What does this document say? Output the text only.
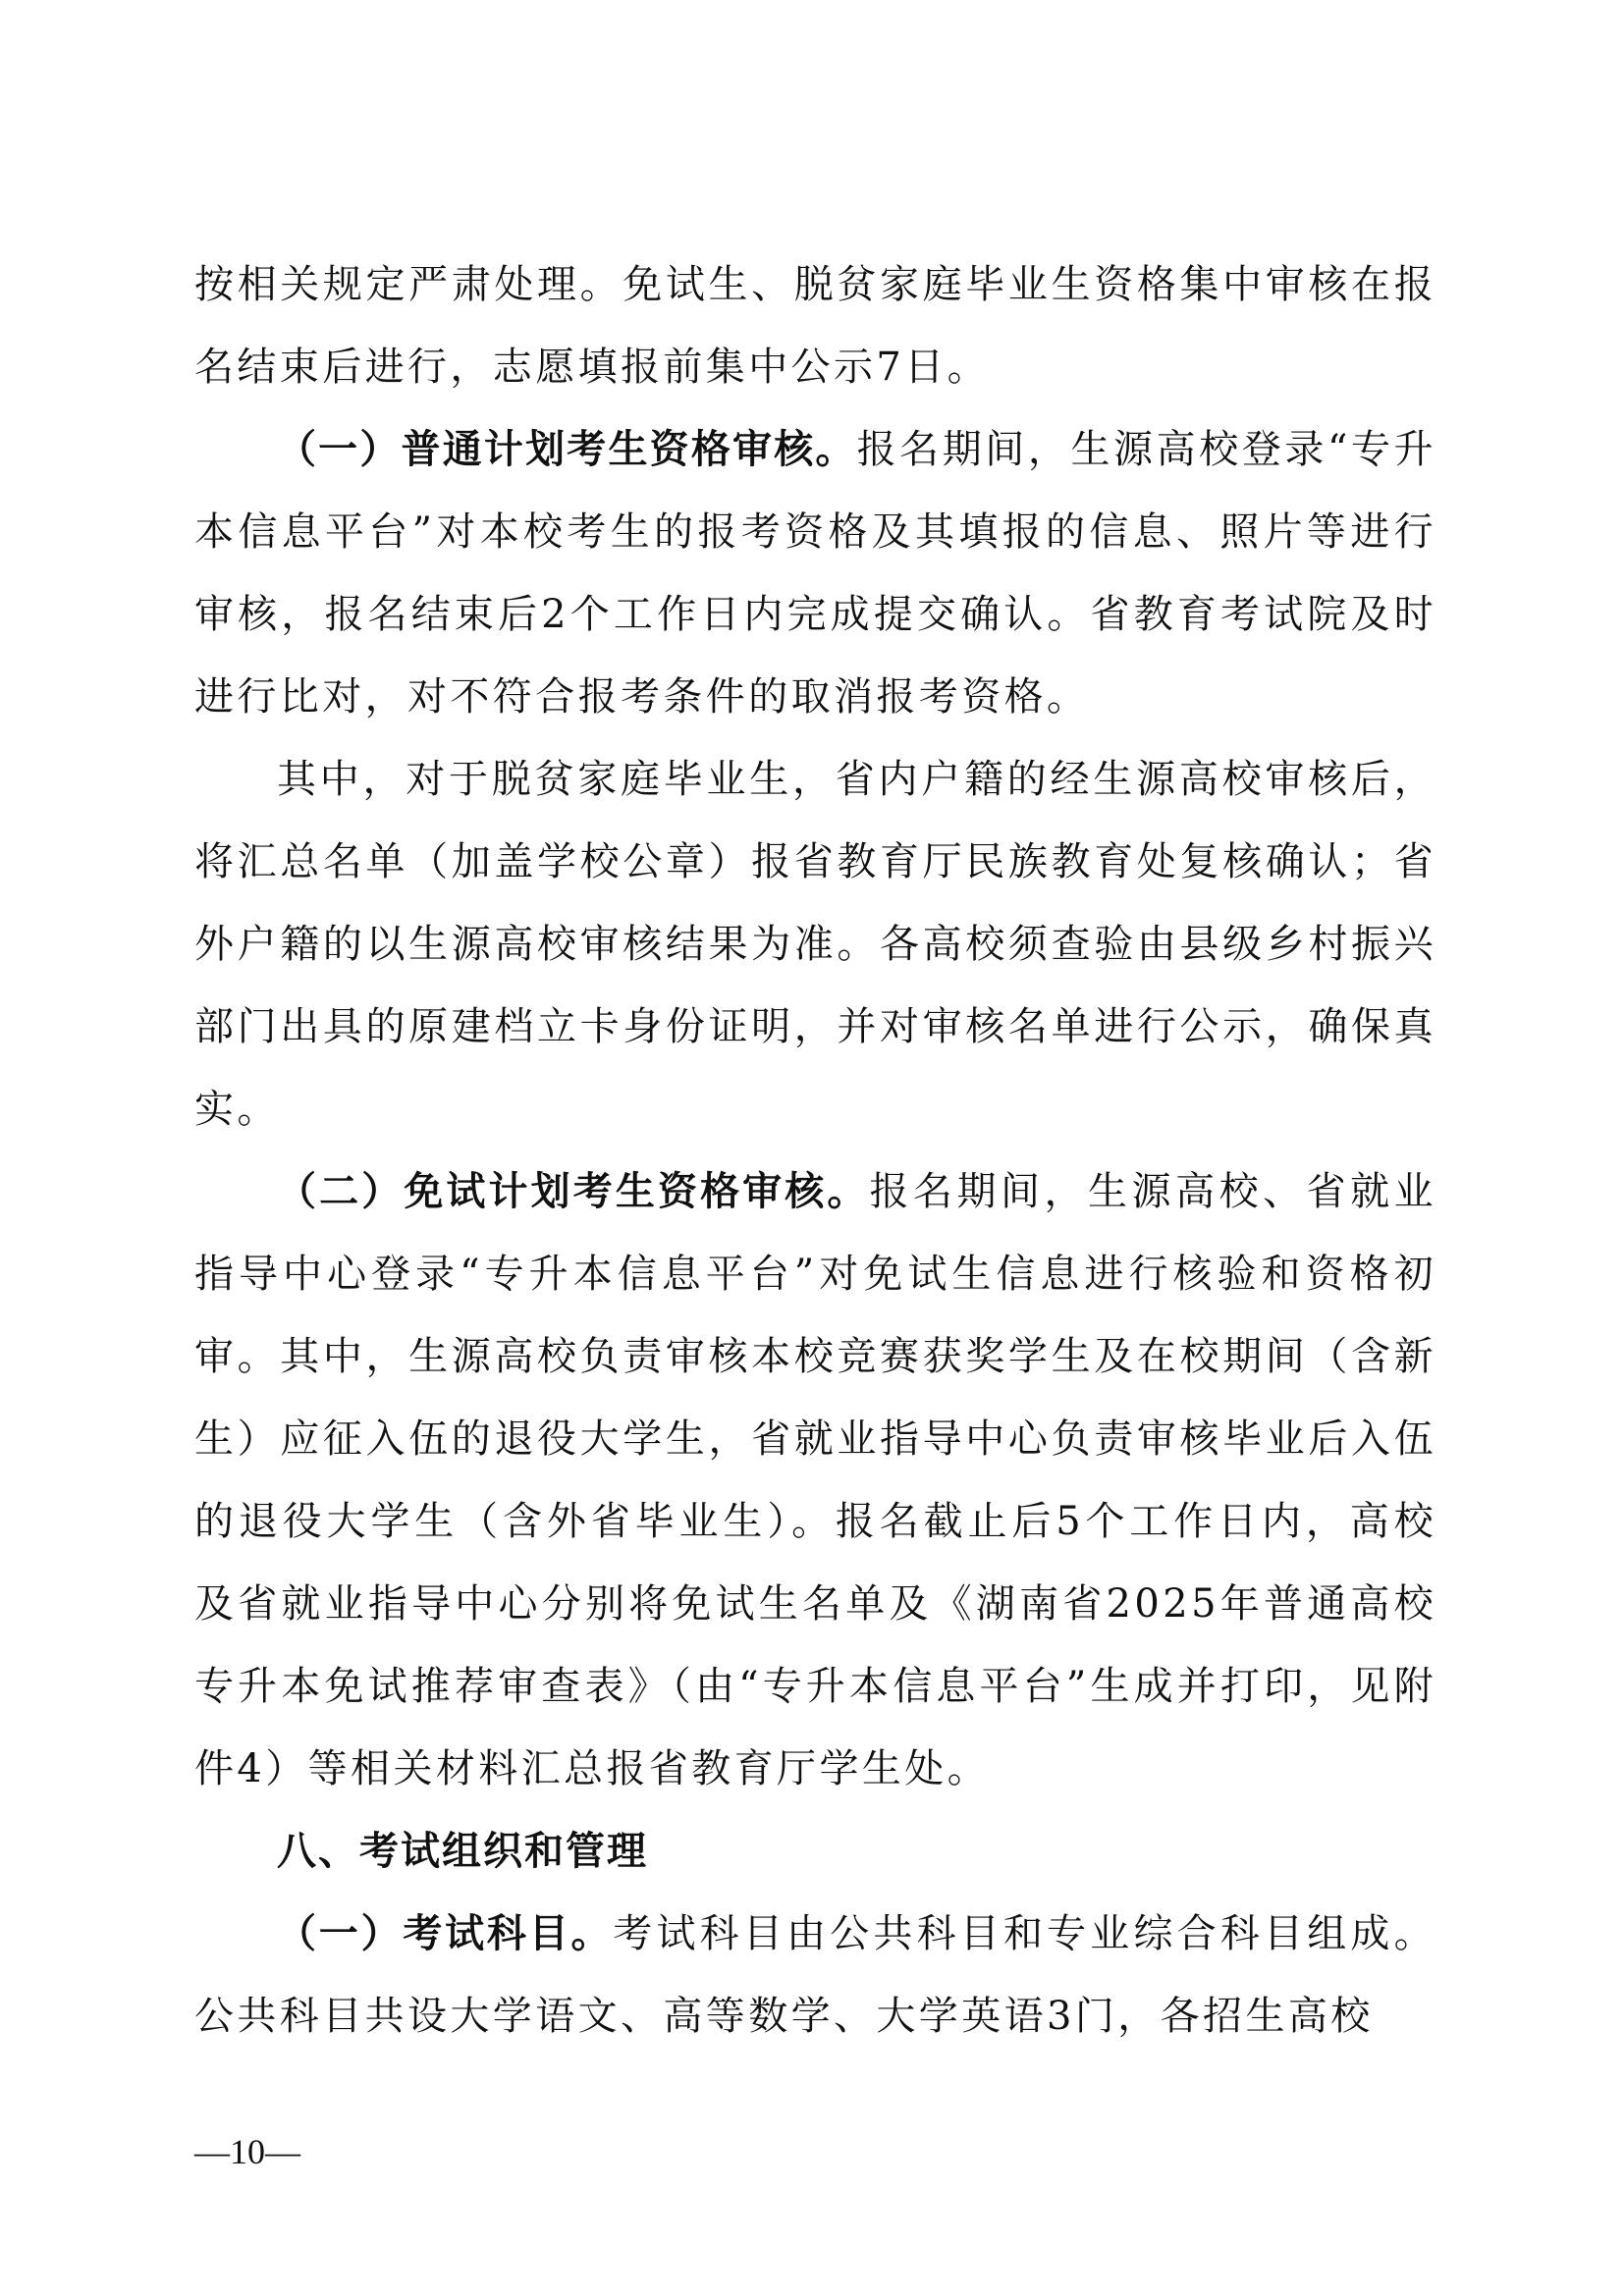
按相关规定严肃处理。免试生、脱贫家庭毕业生资格集中审核在报名结束后进行，志愿填报前集中公示7日。

（一）普通计划考生资格审核。报名期间，生源高校登录“专升本信息平台”对本校考生的报考资格及其填报的信息、照片等进行审核，报名结束后2个工作日内完成提交确认。省教育考试院及时进行比对，对不符合报考条件的取消报考资格。

其中，对于脱贫家庭毕业生，省内户籍的经生源高校审核后，将汇总名单（加盖学校公章）报省教育厅民族教育处复核确认；省外户籍的以生源高校审核结果为准。各高校须查验由县级乡村振兴部门出具的原建档立卡身份证明，并对审核名单进行公示，确保真实。

（二）免试计划考生资格审核。报名期间，生源高校、省就业指导中心登录“专升本信息平台”对免试生信息进行核验和资格初审。其中，生源高校负责审核本校竞赛获奖学生及在校期间（含新生）应征入伍的退役大学生，省就业指导中心负责审核毕业后入伍的退役大学生（含外省毕业生）。报名截止后5个工作日内，高校及省就业指导中心分别将免试生名单及《湖南省2025年普通高校专升本免试推荐审查表》（由“专升本信息平台”生成并打印，见附件4）等相关材料汇总报省教育厅学生处。

八、考试组织和管理

（一）考试科目。考试科目由公共科目和专业综合科目组成。公共科目共设大学语文、高等数学、大学英语3门，各招生高校

—10—
